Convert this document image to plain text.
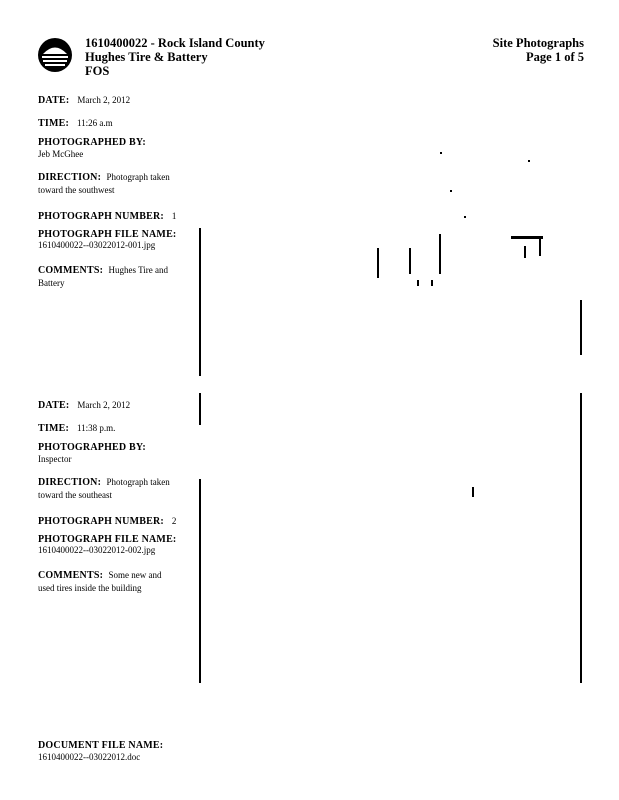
1610400022 - Rock Island County
Hughes Tire & Battery
FOS
Site Photographs
Page 1 of 5
DATE: March 2, 2012
TIME: 11:26 a.m
PHOTOGRAPHED BY:
Jeb McGhee
DIRECTION: Photograph taken
toward the southwest
PHOTOGRAPH NUMBER: 1
PHOTOGRAPH FILE NAME:
1610400022--03022012-001.jpg
COMMENTS: Hughes Tire and
Battery
DATE: March 2, 2012
TIME: 11:38 p.m.
PHOTOGRAPHED BY:
Inspector
DIRECTION: Photograph taken
toward the southeast
PHOTOGRAPH NUMBER: 2
PHOTOGRAPH FILE NAME:
1610400022--03022012-002.jpg
COMMENTS: Some new and
used tires inside the building
DOCUMENT FILE NAME:
1610400022--03022012.doc
